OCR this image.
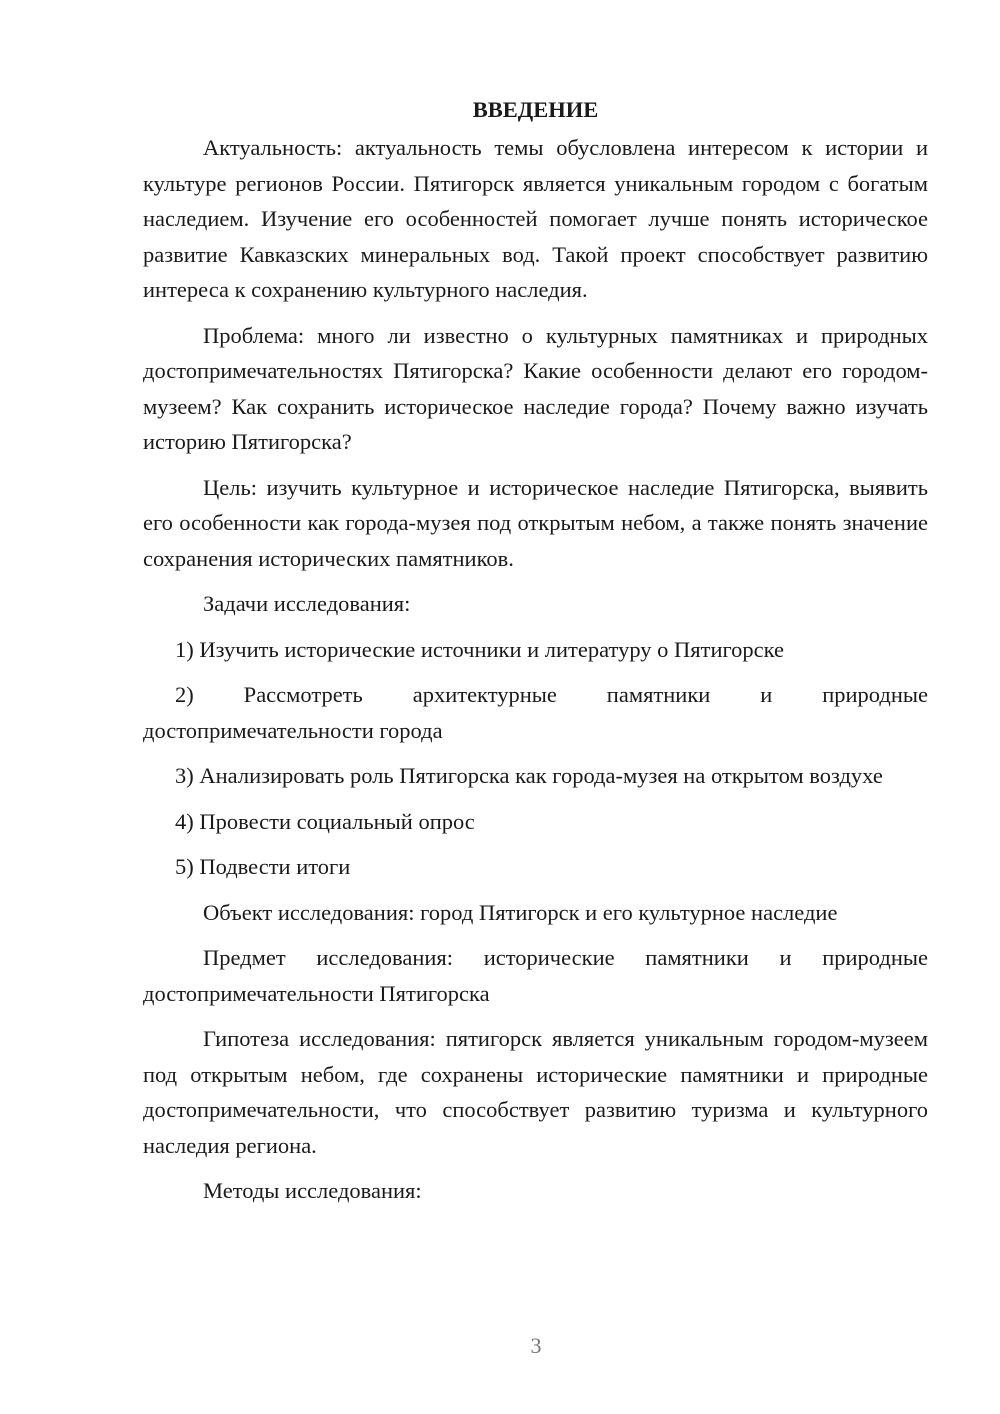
ВВЕДЕНИЕ

Актуальность: актуальность темы обусловлена интересом к истории и культуре регионов России. Пятигорск является уникальным городом с богатым наследием. Изучение его особенностей помогает лучше понять историческое развитие Кавказских минеральных вод. Такой проект способствует развитию интереса к сохранению культурного наследия.

Проблема: много ли известно о культурных памятниках и природных достопримечательностях Пятигорска? Какие особенности делают его городом-музеем? Как сохранить историческое наследие города? Почему важно изучать историю Пятигорска?

Цель: изучить культурное и историческое наследие Пятигорска, выявить его особенности как города-музея под открытым небом, а также понять значение сохранения исторических памятников.

Задачи исследования:

1) Изучить исторические источники и литературу о Пятигорске

2) Рассмотреть архитектурные памятники и природные достопримечательности города

3) Анализировать роль Пятигорска как города-музея на открытом воздухе

4) Провести социальный опрос

5) Подвести итоги

Объект исследования: город Пятигорск и его культурное наследие

Предмет исследования: исторические памятники и природные достопримечательности Пятигорска

Гипотеза исследования: пятигорск является уникальным городом-музеем под открытым небом, где сохранены исторические памятники и природные достопримечательности, что способствует развитию туризма и культурного наследия региона.

Методы исследования:

3
